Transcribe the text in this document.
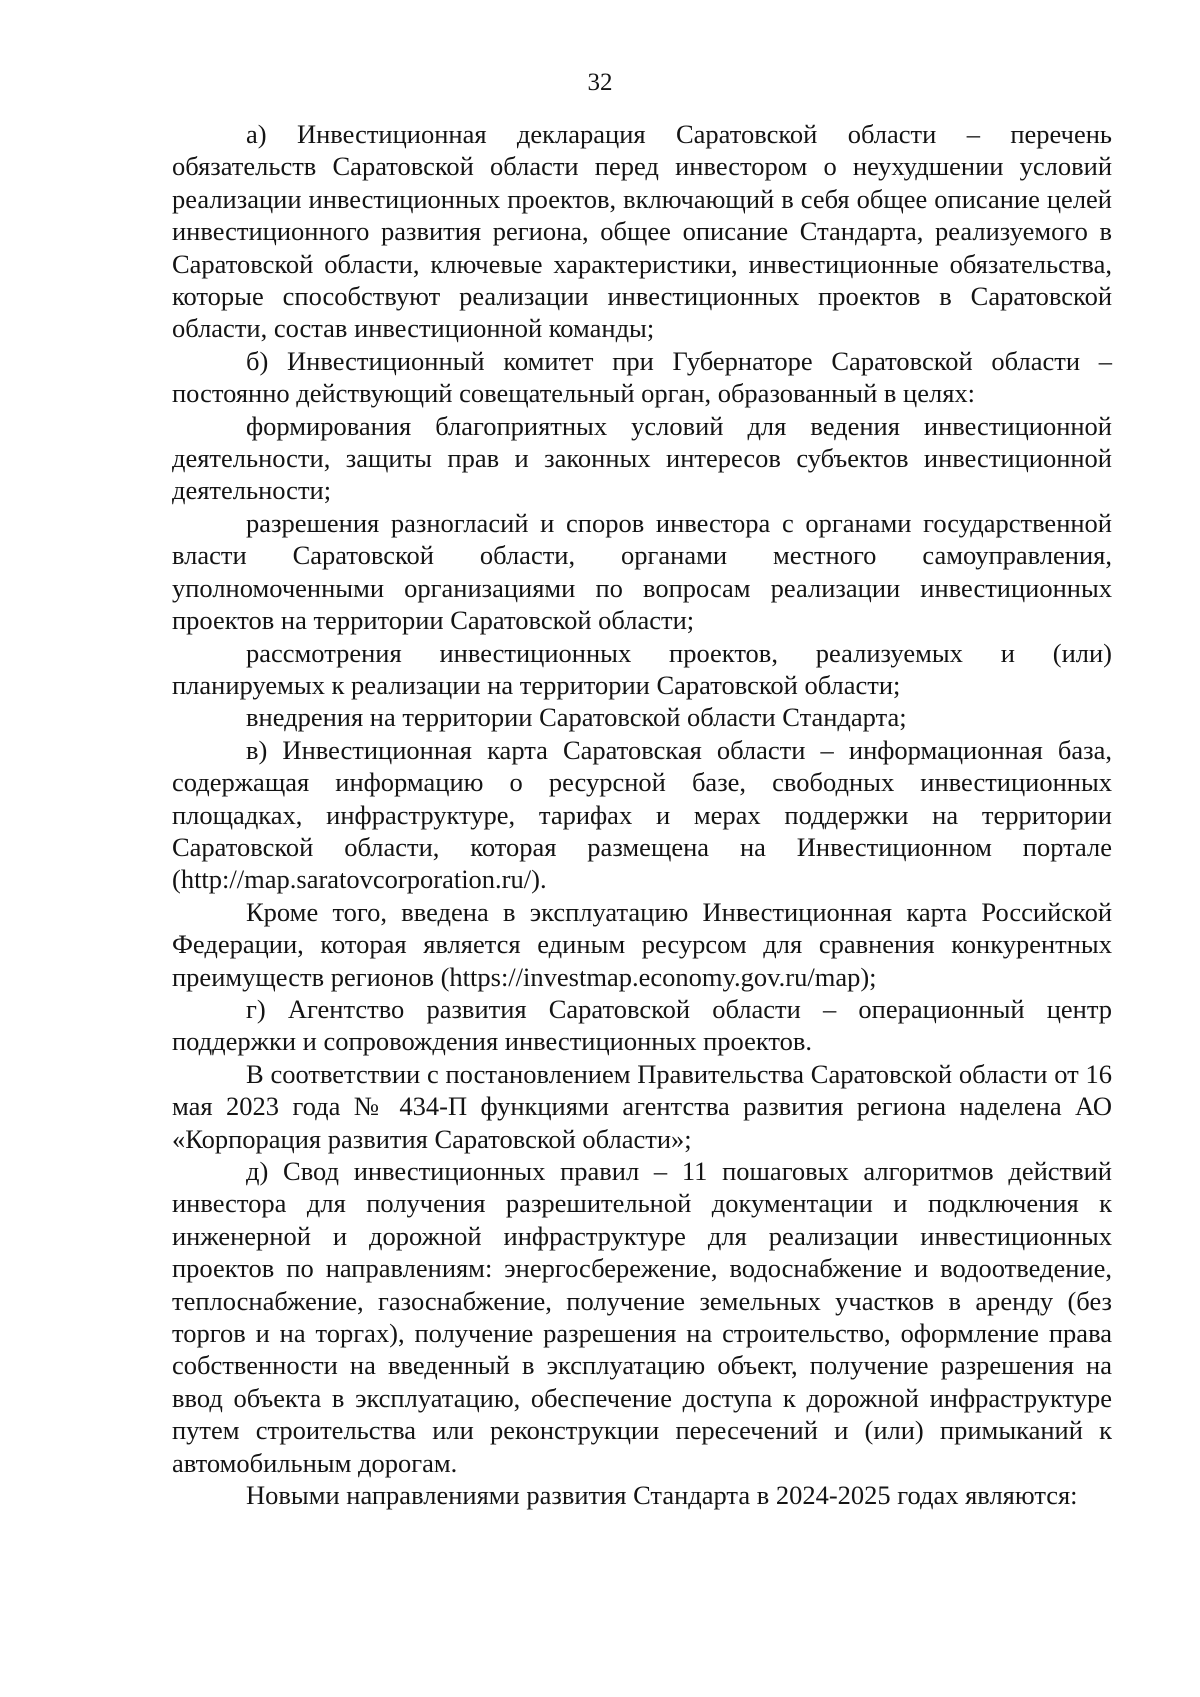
32

а) Инвестиционная декларация Саратовской области – перечень обязательств Саратовской области перед инвестором о неухудшении условий реализации инвестиционных проектов, включающий в себя общее описание целей инвестиционного развития региона, общее описание Стандарта, реализуемого в Саратовской области, ключевые характеристики, инвестиционные обязательства, которые способствуют реализации инвестиционных проектов в Саратовской области, состав инвестиционной команды;

б) Инвестиционный комитет при Губернаторе Саратовской области – постоянно действующий совещательный орган, образованный в целях:

формирования благоприятных условий для ведения инвестиционной деятельности, защиты прав и законных интересов субъектов инвестиционной деятельности;

разрешения разногласий и споров инвестора с органами государственной власти Саратовской области, органами местного самоуправления, уполномоченными организациями по вопросам реализации инвестиционных проектов на территории Саратовской области;

рассмотрения инвестиционных проектов, реализуемых и (или) планируемых к реализации на территории Саратовской области;

внедрения на территории Саратовской области Стандарта;

в) Инвестиционная карта Саратовская области – информационная база, содержащая информацию о ресурсной базе, свободных инвестиционных площадках, инфраструктуре, тарифах и мерах поддержки на территории Саратовской области, которая размещена на Инвестиционном портале (http://map.saratovcorporation.ru/).

Кроме того, введена в эксплуатацию Инвестиционная карта Российской Федерации, которая является единым ресурсом для сравнения конкурентных преимуществ регионов (https://investmap.economy.gov.ru/map);

г) Агентство развития Саратовской области – операционный центр поддержки и сопровождения инвестиционных проектов.

В соответствии с постановлением Правительства Саратовской области от 16 мая 2023 года № 434-П функциями агентства развития региона наделена АО «Корпорация развития Саратовской области»;

д) Свод инвестиционных правил – 11 пошаговых алгоритмов действий инвестора для получения разрешительной документации и подключения к инженерной и дорожной инфраструктуре для реализации инвестиционных проектов по направлениям: энергосбережение, водоснабжение и водоотведение, теплоснабжение, газоснабжение, получение земельных участков в аренду (без торгов и на торгах), получение разрешения на строительство, оформление права собственности на введенный в эксплуатацию объект, получение разрешения на ввод объекта в эксплуатацию, обеспечение доступа к дорожной инфраструктуре путем строительства или реконструкции пересечений и (или) примыканий к автомобильным дорогам.

Новыми направлениями развития Стандарта в 2024-2025 годах являются:
